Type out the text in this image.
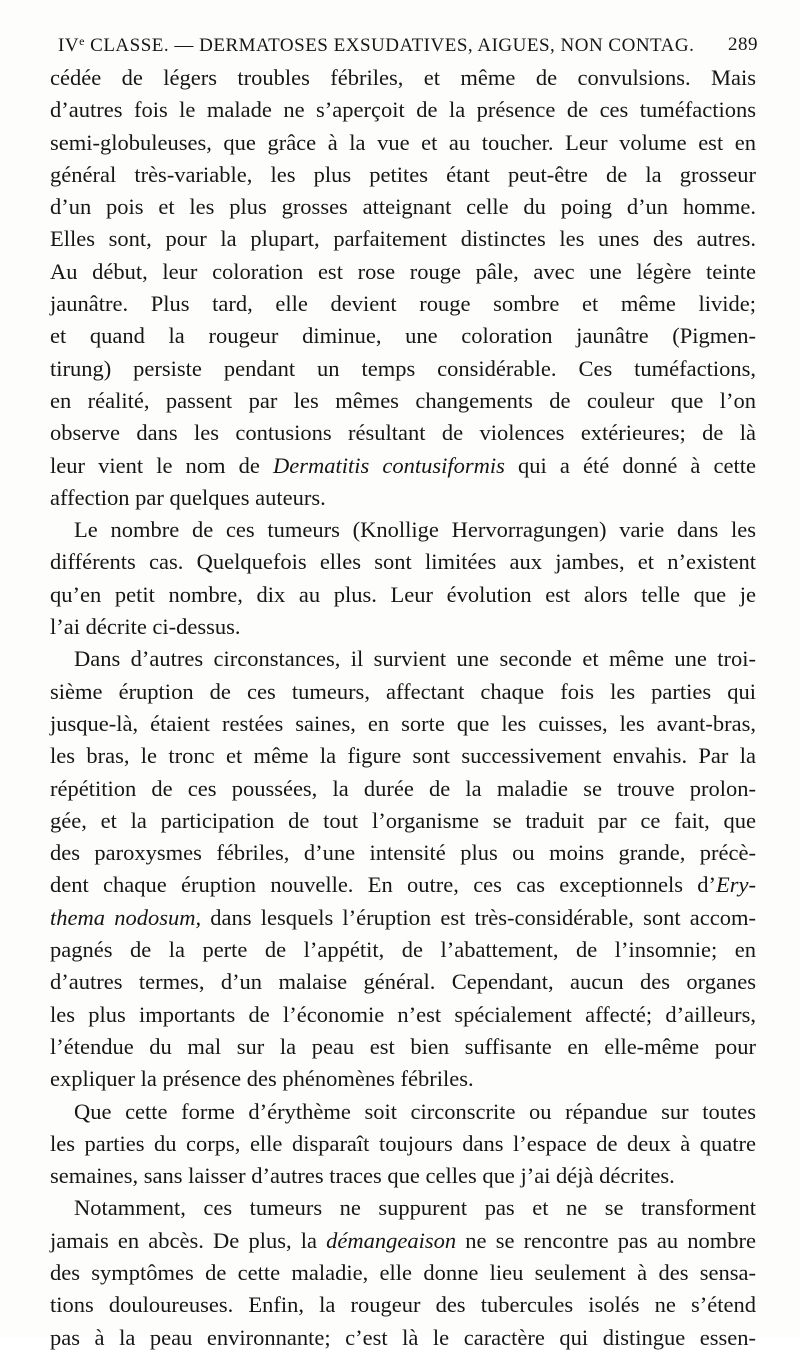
IVe CLASSE. — DERMATOSES EXSUDATIVES, AIGUES, NON CONTAG. 289
cédée de légers troubles fébriles, et même de convulsions. Mais
d’autres fois le malade ne s’aperçoit de la présence de ces tuméfactions
semi-globuleuses, que grâce à la vue et au toucher. Leur volume est en
général très-variable, les plus petites étant peut-être de la grosseur
d’un pois et les plus grosses atteignant celle du poing d’un homme.
Elles sont, pour la plupart, parfaitement distinctes les unes des autres.
Au début, leur coloration est rose rouge pâle, avec une légère teinte
jaunâtre. Plus tard, elle devient rouge sombre et même livide;
et quand la rougeur diminue, une coloration jaunâtre (Pigmen-
tirung) persiste pendant un temps considérable. Ces tuméfactions,
en réalité, passent par les mêmes changements de couleur que l’on
observe dans les contusions résultant de violences extérieures; de là
leur vient le nom de Dermatitis contusiformis qui a été donné à cette
affection par quelques auteurs.
Le nombre de ces tumeurs (Knollige Hervorragungen) varie dans les
différents cas. Quelquefois elles sont limitées aux jambes, et n’existent
qu’en petit nombre, dix au plus. Leur évolution est alors telle que je
l’ai décrite ci-dessus.
Dans d’autres circonstances, il survient une seconde et même une troi-
sième éruption de ces tumeurs, affectant chaque fois les parties qui
jusque-là, étaient restées saines, en sorte que les cuisses, les avant-bras,
les bras, le tronc et même la figure sont successivement envahis. Par la
répétition de ces poussées, la durée de la maladie se trouve prolon-
gée, et la participation de tout l’organisme se traduit par ce fait, que
des paroxysmes fébriles, d’une intensité plus ou moins grande, précè-
dent chaque éruption nouvelle. En outre, ces cas exceptionnels d’Ery-
thema nodosum, dans lesquels l’éruption est très-considérable, sont accom-
pagnés de la perte de l’appétit, de l’abattement, de l’insomnie; en
d’autres termes, d’un malaise général. Cependant, aucun des organes
les plus importants de l’économie n’est spécialement affecté; d’ailleurs,
l’étendue du mal sur la peau est bien suffisante en elle-même pour
expliquer la présence des phénomènes fébriles.
Que cette forme d’érythème soit circonscrite ou répandue sur toutes
les parties du corps, elle disparaît toujours dans l’espace de deux à quatre
semaines, sans laisser d’autres traces que celles que j’ai déjà décrites.
Notamment, ces tumeurs ne suppurent pas et ne se transforment
jamais en abcès. De plus, la démangeaison ne se rencontre pas au nombre
des symptômes de cette maladie, elle donne lieu seulement à des sensa-
tions douloureuses. Enfin, la rougeur des tubercules isolés ne s’étend
pas à la peau environnante; c’est là le caractère qui distingue essen-
